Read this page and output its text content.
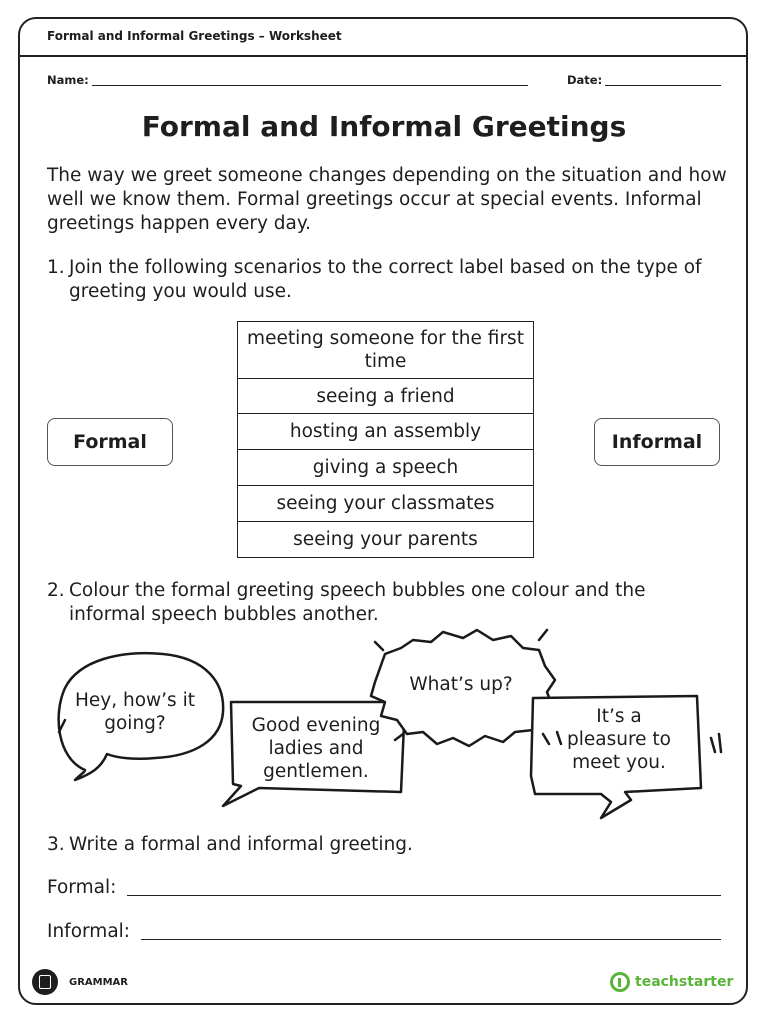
Formal and Informal Greetings – Worksheet
Name:	Date:
Formal and Informal Greetings
The way we greet someone changes depending on the situation and how well we know them. Formal greetings occur at special events. Informal greetings happen every day.
1. Join the following scenarios to the correct label based on the type of greeting you would use.
meeting someone for the first time
seeing a friend
hosting an assembly
giving a speech
seeing your classmates
seeing your parents
Formal	Informal
2. Colour the formal greeting speech bubbles one colour and the informal speech bubbles another.
Hey, how’s it going?	Good evening ladies and gentlemen.
What’s up?
It’s a pleasure to meet you.
3. Write a formal and informal greeting.
Formal:
Informal:
GRAMMAR	teachstarter
